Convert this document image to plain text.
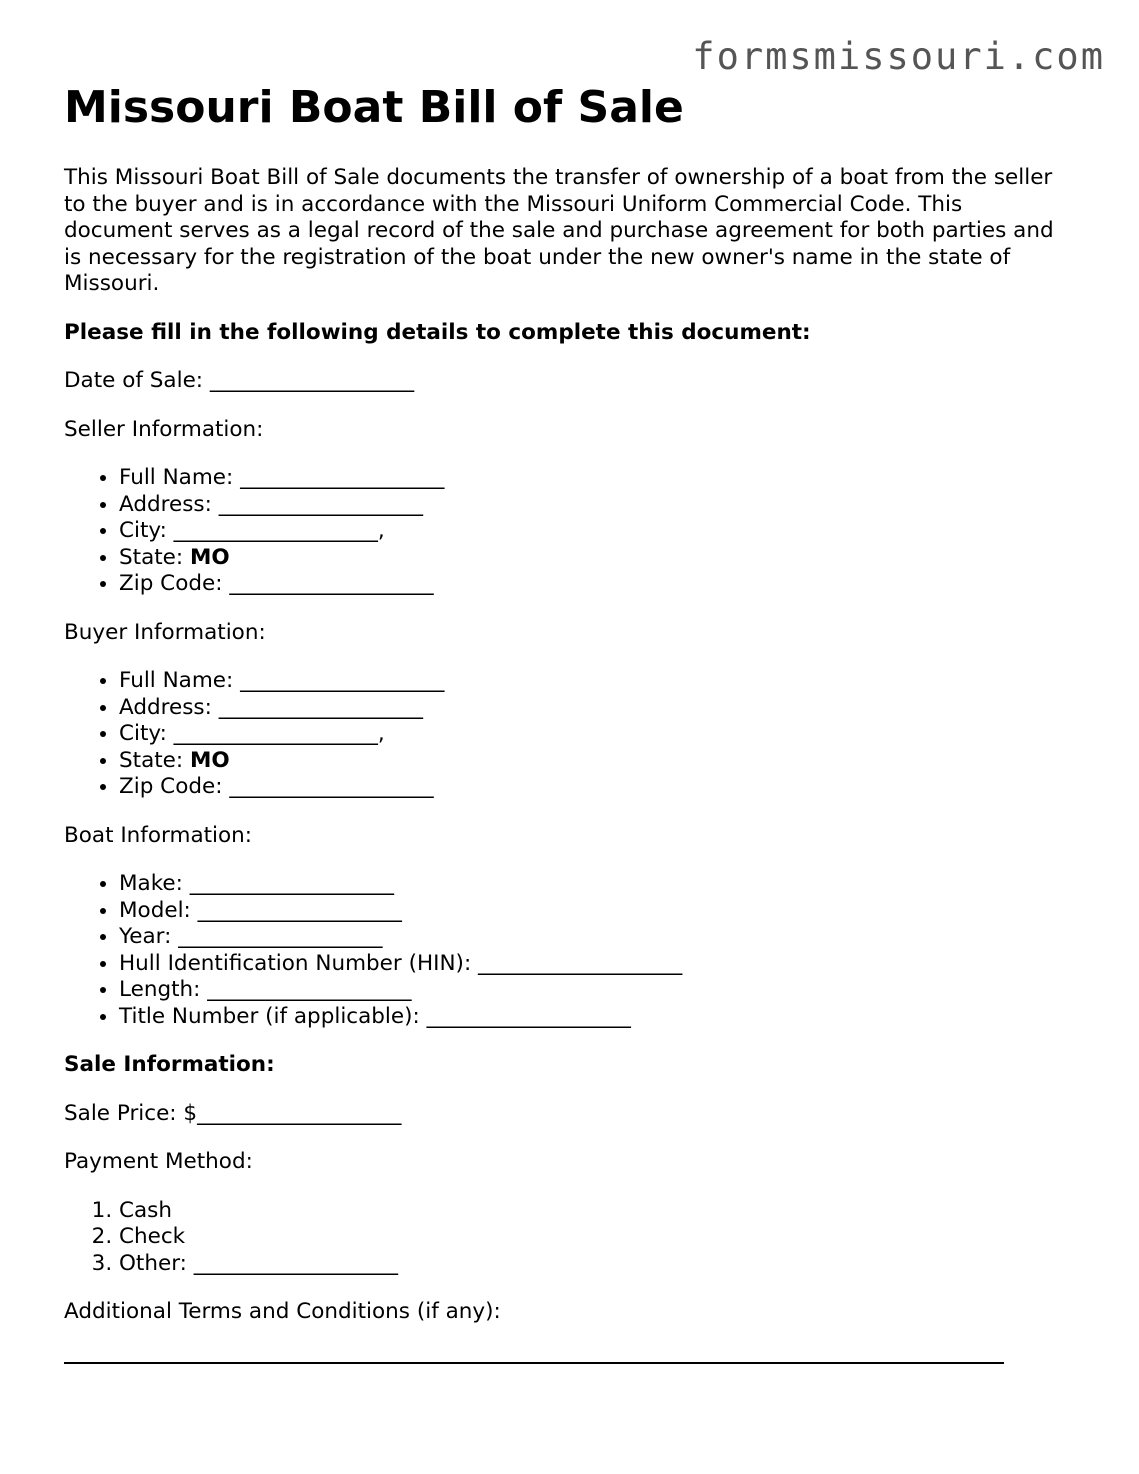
formsmissouri.com
Missouri Boat Bill of Sale

This Missouri Boat Bill of Sale documents the transfer of ownership of a boat from the seller to the buyer and is in accordance with the Missouri Uniform Commercial Code. This document serves as a legal record of the sale and purchase agreement for both parties and is necessary for the registration of the boat under the new owner's name in the state of Missouri.

Please fill in the following details to complete this document:

Date of Sale: ___________________

Seller Information:

• Full Name: ___________________
• Address: ___________________
• City: ___________________,
• State: MO
• Zip Code: ___________________

Buyer Information:

• Full Name: ___________________
• Address: ___________________
• City: ___________________,
• State: MO
• Zip Code: ___________________

Boat Information:

• Make: ___________________
• Model: ___________________
• Year: ___________________
• Hull Identification Number (HIN): ___________________
• Length: ___________________
• Title Number (if applicable): ___________________

Sale Information:

Sale Price: $___________________

Payment Method:

1. Cash
2. Check
3. Other: ___________________

Additional Terms and Conditions (if any):
